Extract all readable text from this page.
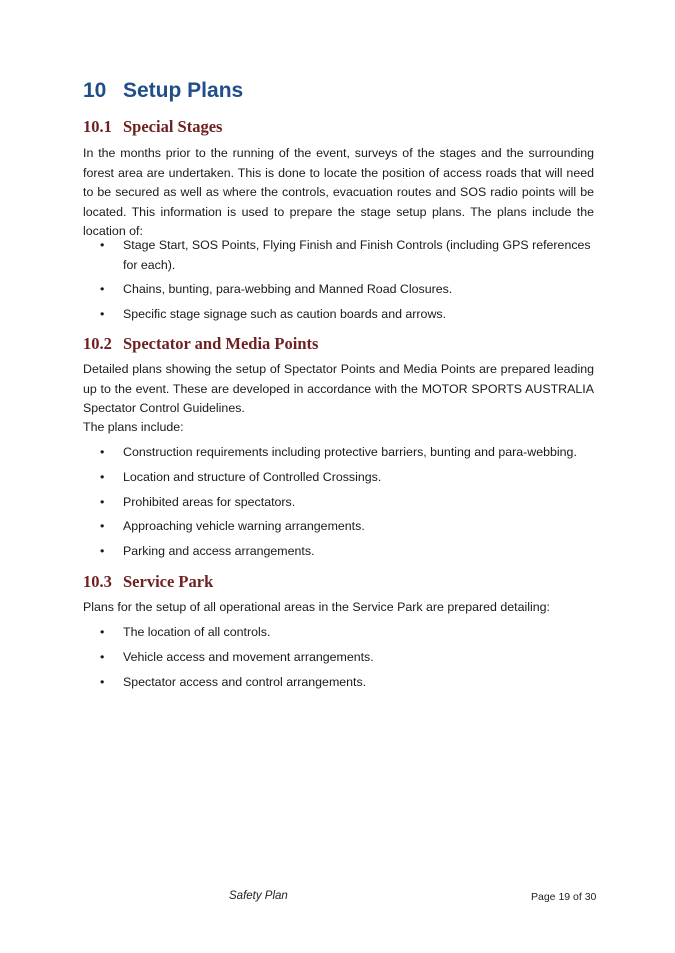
10 Setup Plans
10.1 Special Stages

In the months prior to the running of the event, surveys of the stages and the surrounding forest area are undertaken. This is done to locate the position of access roads that will need to be secured as well as where the controls, evacuation routes and SOS radio points will be located. This information is used to prepare the stage setup plans. The plans include the location of:

• Stage Start, SOS Points, Flying Finish and Finish Controls (including GPS references for each).
• Chains, bunting, para-webbing and Manned Road Closures.
• Specific stage signage such as caution boards and arrows.
10.2 Spectator and Media Points

Detailed plans showing the setup of Spectator Points and Media Points are prepared leading up to the event. These are developed in accordance with the MOTOR SPORTS AUSTRALIA Spectator Control Guidelines.

The plans include:

• Construction requirements including protective barriers, bunting and para-webbing.
• Location and structure of Controlled Crossings.
• Prohibited areas for spectators.
• Approaching vehicle warning arrangements.
• Parking and access arrangements.
10.3 Service Park

Plans for the setup of all operational areas in the Service Park are prepared detailing:

• The location of all controls.
• Vehicle access and movement arrangements.
• Spectator access and control arrangements.
Safety Plan	Page 19 of 30
